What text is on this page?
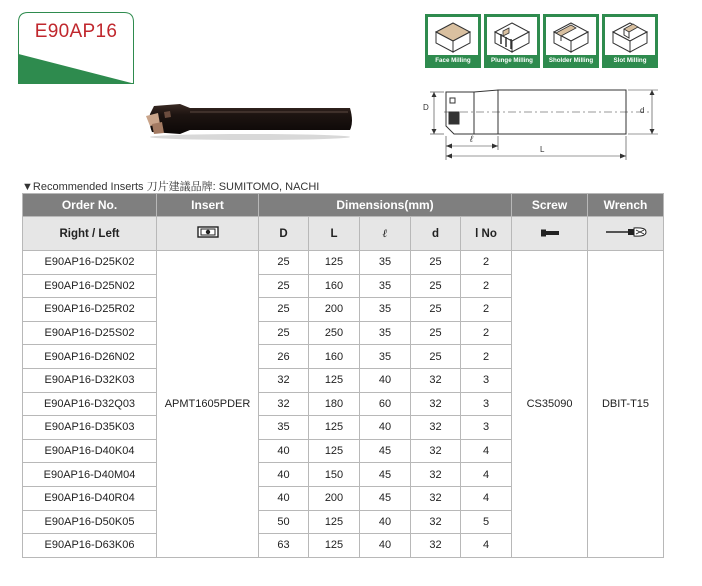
E90AP16
Face Milling	Plunge Milling	Sholder Milling	Slot Milling
D	d
ℓ
L
▼Recommended Inserts 刀片建議品牌: SUMITOMO, NACHI
Order No.	Insert	Dimensions(mm)					Screw	Wrench
Right / Left		D	L	ℓ	d	l No		
E90AP16-D25K02	APMT1605PDER	25	125	35	25	2	CS35090	DBIT-T15
E90AP16-D25N02		25	160	35	25	2		
E90AP16-D25R02		25	200	35	25	2		
E90AP16-D25S02		25	250	35	25	2		
E90AP16-D26N02		26	160	35	25	2		
E90AP16-D32K03		32	125	40	32	3		
E90AP16-D32Q03		32	180	60	32	3		
E90AP16-D35K03		35	125	40	32	3		
E90AP16-D40K04		40	125	45	32	4		
E90AP16-D40M04		40	150	45	32	4		
E90AP16-D40R04		40	200	45	32	4		
E90AP16-D50K05		50	125	40	32	5		
E90AP16-D63K06		63	125	40	32	4		
